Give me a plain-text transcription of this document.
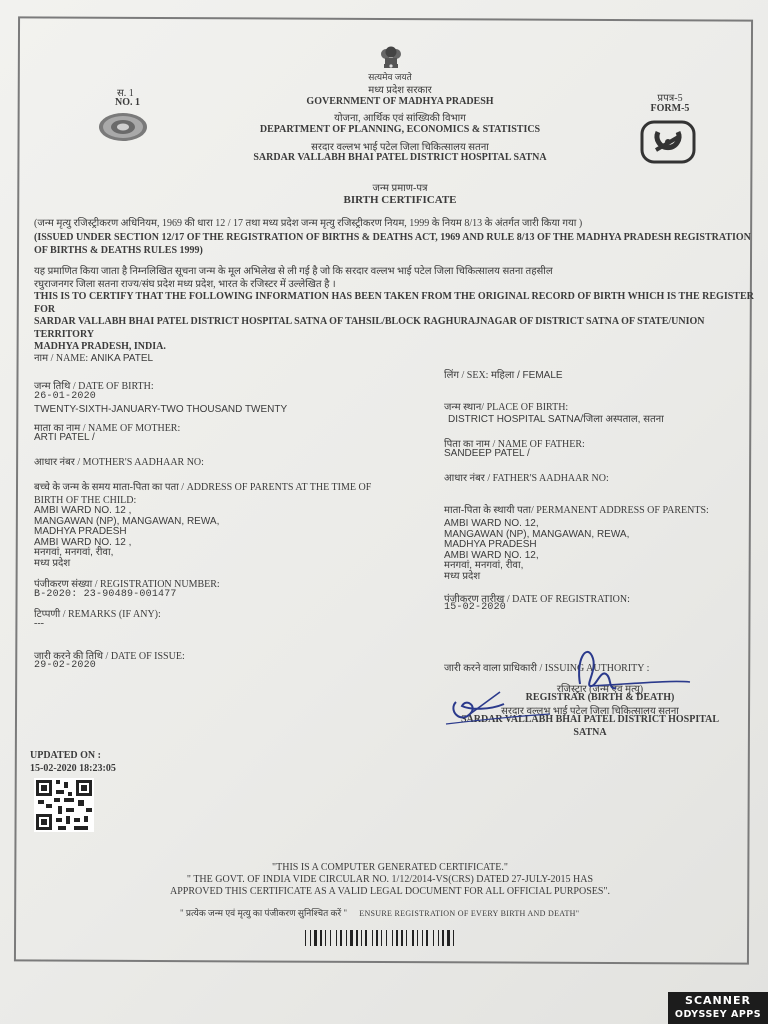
सत्यमेव जयते
स. 1
NO. 1
मध्य प्रदेश सरकार
GOVERNMENT OF MADHYA PRADESH
योजना, आर्थिक एवं सांख्यिकी विभाग
DEPARTMENT OF PLANNING, ECONOMICS & STATISTICS
सरदार वल्लभ भाई पटेल जिला चिकित्सालय सतना
SARDAR VALLABH BHAI PATEL DISTRICT HOSPITAL SATNA
जन्म प्रमाण-पत्र
BIRTH CERTIFICATE
प्रपत्र-5
FORM-5
(जन्म मृत्यु रजिस्ट्रीकरण अधिनियम, 1969 की धारा 12 / 17 तथा मध्य प्रदेश जन्म मृत्यु रजिस्ट्रीकरण नियम, 1999 के नियम 8/13 के अंतर्गत जारी किया गया )
(ISSUED UNDER SECTION 12/17 OF THE REGISTRATION OF BIRTHS & DEATHS ACT, 1969 AND RULE 8/13 OF THE MADHYA PRADESH REGISTRATION
OF BIRTHS & DEATHS RULES 1999)
यह प्रमाणित किया जाता है निम्नलिखित सूचना जन्म के मूल अभिलेख से ली गई है जो कि सरदार वल्लभ भाई पटेल जिला चिकित्सालय सतना तहसील
रघुराजनगर जिला सतना राज्य/संघ प्रदेश मध्य प्रदेश, भारत के रजिस्टर में उल्लेखित है ।
THIS IS TO CERTIFY THAT THE FOLLOWING INFORMATION HAS BEEN TAKEN FROM THE ORIGINAL RECORD OF BIRTH WHICH IS THE REGISTER FOR
SARDAR VALLABH BHAI PATEL DISTRICT HOSPITAL SATNA OF TAHSIL/BLOCK RAGHURAJNAGAR OF DISTRICT SATNA OF STATE/UNION TERRITORY
MADHYA PRADESH, INDIA.
नाम / NAME: ANIKA PATEL
जन्म तिथि / DATE OF BIRTH:
26-01-2020
TWENTY-SIXTH-JANUARY-TWO THOUSAND TWENTY
माता का नाम / NAME OF MOTHER:
ARTI PATEL /
आधार नंबर / MOTHER'S AADHAAR NO:
बच्चे के जन्म के समय माता-पिता का पता / ADDRESS OF PARENTS AT THE TIME OF
BIRTH OF THE CHILD:
AMBI WARD NO. 12 ,
MANGAWAN (NP), MANGAWAN, REWA,
MADHYA PRADESH
AMBI WARD NO. 12 ,
मनगवां, मनगवां, रीवा,
मध्य प्रदेश
पंजीकरण संख्या / REGISTRATION NUMBER:
B-2020: 23-90489-001477
टिप्पणी / REMARKS (IF ANY):
---
जारी करने की तिथि / DATE OF ISSUE:
29-02-2020
लिंग / SEX: महिला / FEMALE
जन्म स्थान/ PLACE OF BIRTH:
DISTRICT HOSPITAL SATNA/जिला अस्पताल, सतना
पिता का नाम / NAME OF FATHER:
SANDEEP PATEL /
आधार नंबर / FATHER'S AADHAAR NO:
माता-पिता के स्थायी पता/ PERMANENT ADDRESS OF PARENTS:
AMBI WARD NO. 12,
MANGAWAN (NP), MANGAWAN, REWA,
MADHYA PRADESH
AMBI WARD NO. 12,
मनगवां, मनगवां, रीवा,
मध्य प्रदेश
पंजीकरण तारीख / DATE OF REGISTRATION:
15-02-2020
जारी करने वाला प्राधिकारी / ISSUING AUTHORITY :
रजिस्ट्रार (जन्म एवं मृत्यु)
REGISTRAR (BIRTH & DEATH)
सरदार वल्लभ भाई पटेल जिला चिकित्सालय सतना
SARDAR VALLABH BHAI PATEL DISTRICT HOSPITAL
SATNA
UPDATED ON :
15-02-2020 18:23:05
"THIS IS A COMPUTER GENERATED CERTIFICATE."
" THE GOVT. OF INDIA VIDE CIRCULAR NO. 1/12/2014-VS(CRS) DATED 27-JULY-2015 HAS
APPROVED THIS CERTIFICATE AS A VALID LEGAL DOCUMENT FOR ALL OFFICIAL PURPOSES".
" प्रत्येक जन्म एवं मृत्यु का पंजीकरण सुनिश्चित करें " ENSURE REGISTRATION OF EVERY BIRTH AND DEATH"
SCANNER
ODYSSEY APPS
